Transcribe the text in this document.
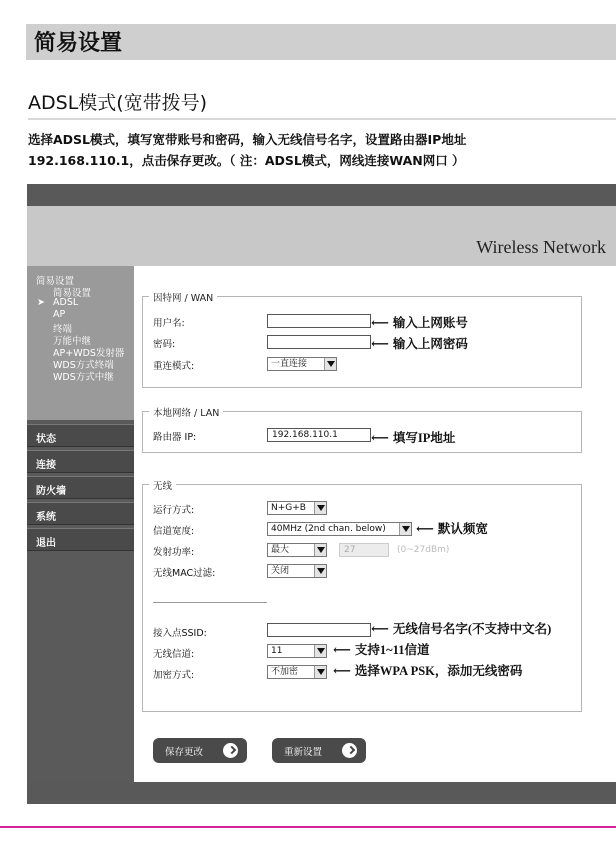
简易设置
ADSL模式(宽带拨号)
选择ADSL模式，填写宽带账号和密码，输入无线信号名字，设置路由器IP地址
192.168.110.1，点击保存更改。（ 注：ADSL模式，网线连接WAN网口 ）
Wireless Network
简易设置
简易设置
➤ ADSL
AP
终端
万能中继
AP+WDS发射器
WDS方式终端
WDS方式中继
状态
连接
防火墙
系统
退出
因特网 / WAN
用户名:
密码:
重连模式:	一直连接
本地网络 / LAN
路由器 IP:	192.168.110.1
无线
运行方式:	N+G+B
信道宽度:	40MHz (2nd chan. below)
发射功率:	最大	27	(0~27dBm)
无线MAC过滤:	关闭
接入点SSID:
无线信道:	11
加密方式:	不加密
保存更改	重新设置
⟵ 输入上网账号
⟵ 输入上网密码
⟵ 填写IP地址
⟵ 默认频宽
⟵ 无线信号名字(不支持中文名)
⟵ 支持1~11信道
⟵ 选择WPA PSK，添加无线密码
